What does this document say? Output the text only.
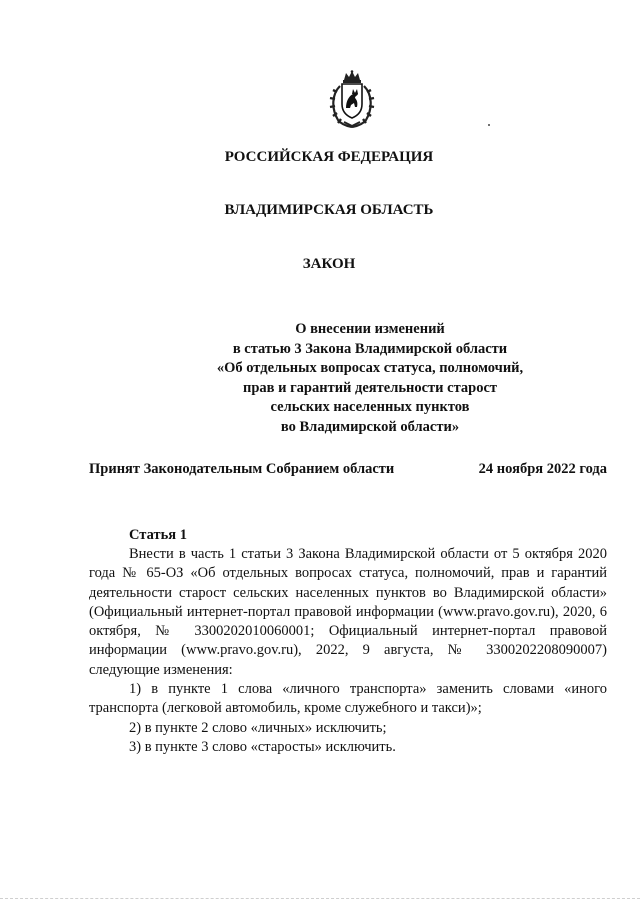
РОССИЙСКАЯ ФЕДЕРАЦИЯ

ВЛАДИМИРСКАЯ ОБЛАСТЬ

ЗАКОН

О внесении изменений
в статью 3 Закона Владимирской области
«Об отдельных вопросах статуса, полномочий,
прав и гарантий деятельности старост
сельских населенных пунктов
во Владимирской области»
Принят Законодательным Собранием области	24 ноября 2022 года
Статья 1
Внести в часть 1 статьи 3 Закона Владимирской области от 5 октября 2020 года № 65-ОЗ «Об отдельных вопросах статуса, полномочий, прав и гарантий деятельности старост сельских населенных пунктов во Владимирской области» (Официальный интернет-портал правовой информации (www.pravo.gov.ru), 2020, 6 октября, № 3300202010060001; Официальный интернет-портал правовой информации (www.pravo.gov.ru), 2022, 9 августа, № 3300202208090007) следующие изменения:
1) в пункте 1 слова «личного транспорта» заменить словами «иного транспорта (легковой автомобиль, кроме служебного и такси)»;
2) в пункте 2 слово «личных» исключить;
3) в пункте 3 слово «старосты» исключить.
